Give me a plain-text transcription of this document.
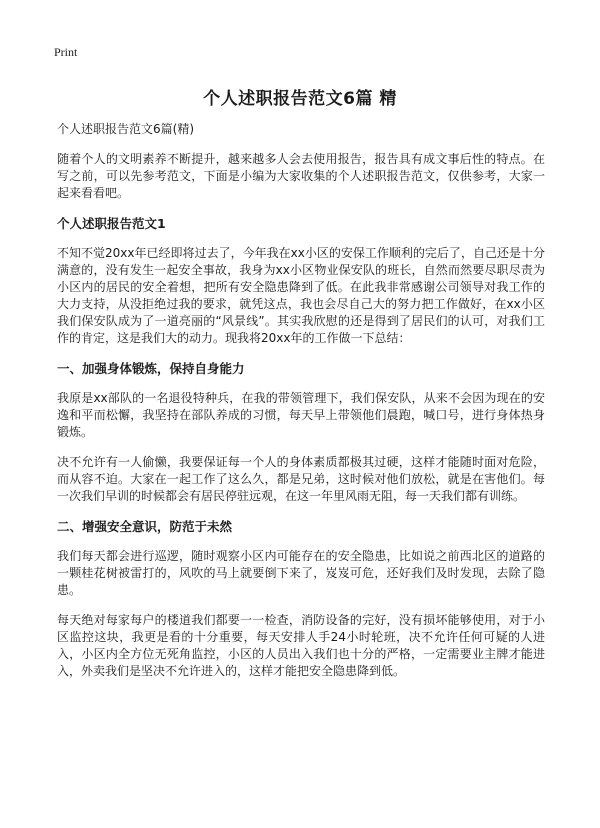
Print
个人述职报告范文6篇 精
个人述职报告范文6篇(精)

随着个人的文明素养不断提升，越来越多人会去使用报告，报告具有成文事后性的特点。在写之前，可以先参考范文，下面是小编为大家收集的个人述职报告范文，仅供参考，大家一起来看看吧。

个人述职报告范文1

不知不觉20xx年已经即将过去了，今年我在xx小区的安保工作顺利的完后了，自己还是十分满意的，没有发生一起安全事故，我身为xx小区物业保安队的班长，自然而然要尽职尽责为小区内的居民的安全着想，把所有安全隐患降到了低。在此我非常感谢公司领导对我工作的大力支持，从没拒绝过我的要求，就凭这点，我也会尽自己大的努力把工作做好，在xx小区我们保安队成为了一道亮丽的“风景线”。其实我欣慰的还是得到了居民们的认可，对我们工作的肯定，这是我们大的动力。现我将20xx年的工作做一下总结：

一、加强身体锻炼，保持自身能力

我原是xx部队的一名退役特种兵，在我的带领管理下，我们保安队，从来不会因为现在的安逸和平而松懈，我坚持在部队养成的习惯，每天早上带领他们晨跑，喊口号，进行身体热身锻炼。

决不允许有一人偷懒，我要保证每一个人的身体素质都极其过硬，这样才能随时面对危险，而从容不迫。大家在一起工作了这么久，都是兄弟，这时候对他们放松，就是在害他们。每一次我们早训的时候都会有居民停驻远观，在这一年里风雨无阻，每一天我们都有训练。

二、增强安全意识，防范于未然

我们每天都会进行巡逻，随时观察小区内可能存在的安全隐患，比如说之前西北区的道路的一颗桂花树被雷打的，风吹的马上就要倒下来了，岌岌可危，还好我们及时发现，去除了隐患。

每天绝对每家每户的楼道我们都要一一检查，消防设备的完好，没有损坏能够使用，对于小区监控这块，我更是看的十分重要，每天安排人手24小时轮班，决不允许任何可疑的人进入，小区内全方位无死角监控，小区的人员出入我们也十分的严格，一定需要业主牌才能进入，外卖我们是坚决不允许进入的，这样才能把安全隐患降到低。
